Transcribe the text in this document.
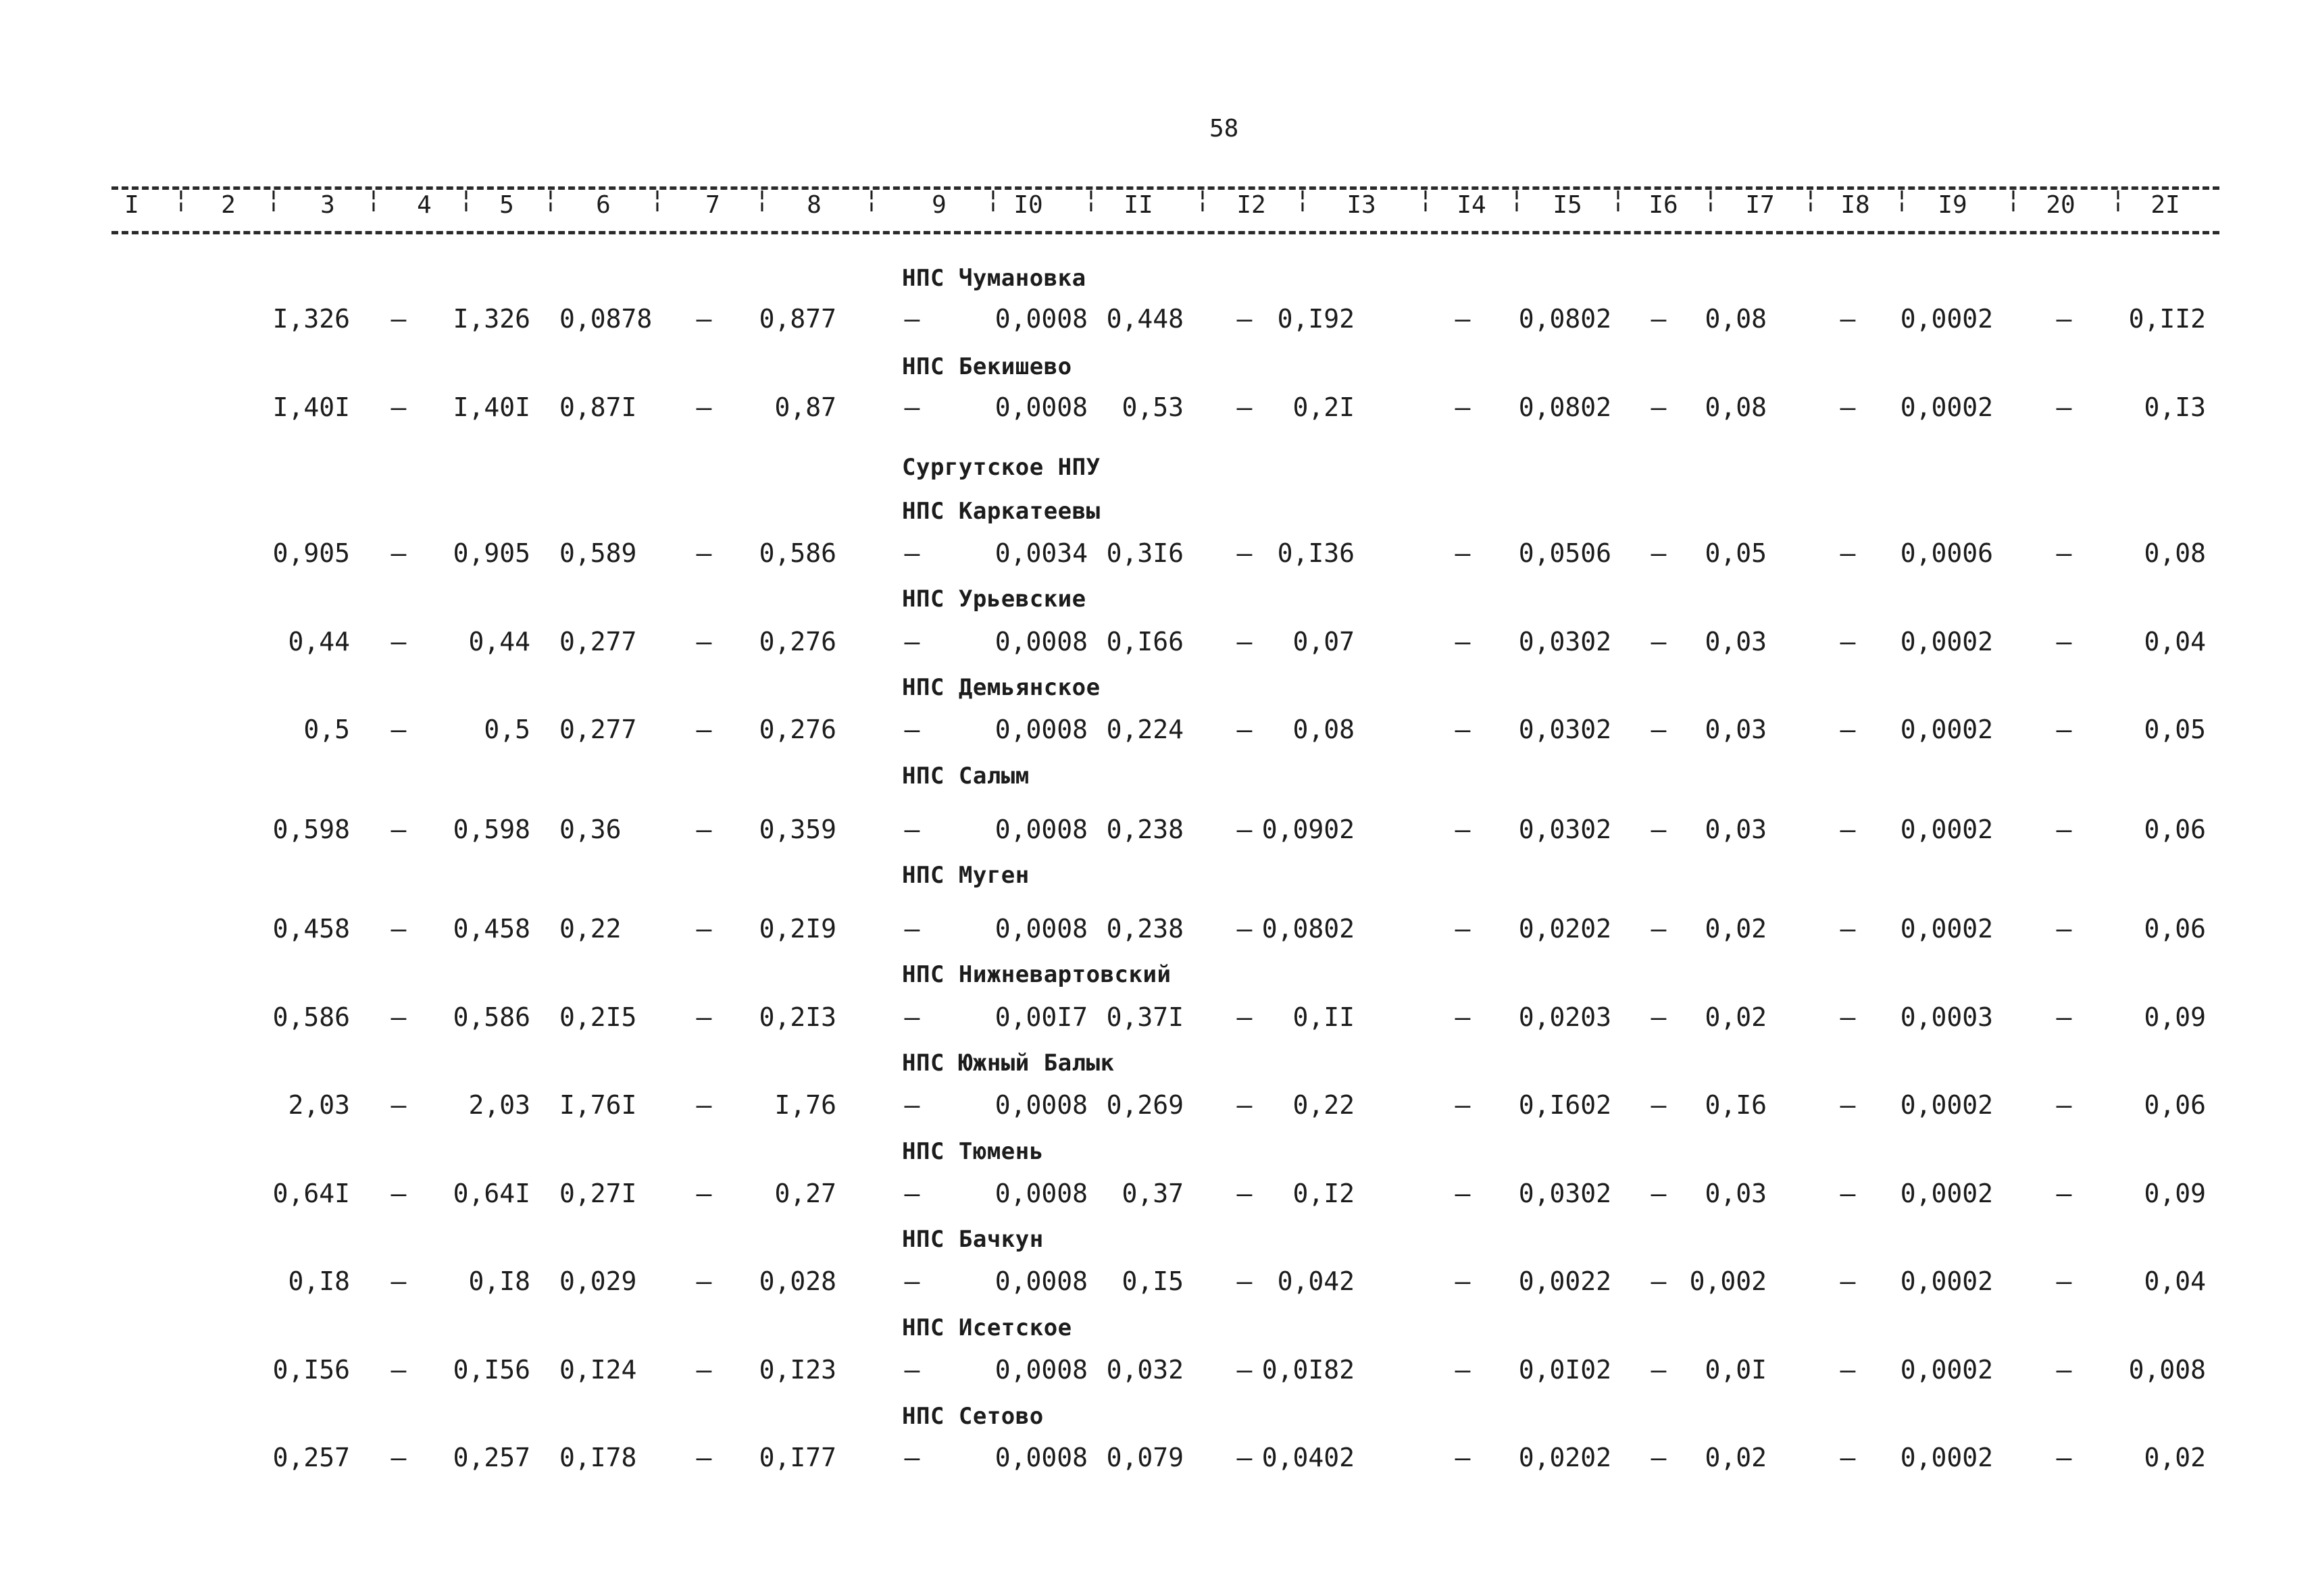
58
I	2	3	4	5	6	7	8	9	I0	II	I2	I3	I4	I5	I6	I7	I8	I9	20	2I
¦	¦	¦	¦	¦	¦	¦	¦	¦	¦	¦	¦	¦	¦	¦	¦	¦	¦	¦	¦
НПС Чумановка
I,326 – I,326 0,0878 – 0,877	–	0,0008 0,448 – 0,I92	– 0,0802 – 0,08	– 0,0002 – 0,II2
НПС Бекишево
I,40I – I,40I 0,87I – 0,87	–	0,0008 0,53 – 0,2I	– 0,0802 – 0,08	– 0,0002 –	0,I3
Сургутское НПУ
НПС Каркатеевы
0,905 – 0,905 0,589 – 0,586	–	0,0034 0,3I6 – 0,I36	– 0,0506 – 0,05	– 0,0006 –	0,08
НПС Урьевские
0,44 – 0,44 0,277 – 0,276	–	0,0008 0,I66 – 0,07	– 0,0302 – 0,03	– 0,0002 –	0,04
НПС Демьянское
0,5 –	0,5 0,277 – 0,276	–	0,0008 0,224 – 0,08	– 0,0302 – 0,03	– 0,0002 –	0,05
НПС Салым
0,598 – 0,598 0,36	– 0,359	–	0,0008 0,238 – 0,0902	– 0,0302 – 0,03	– 0,0002 –	0,06
НПС Муген
0,458 – 0,458 0,22	– 0,2I9	–	0,0008 0,238 – 0,0802	– 0,0202 – 0,02	– 0,0002 –	0,06
НПС Нижневартовский
0,586 – 0,586 0,2I5 – 0,2I3	–	0,00I7 0,37I – 0,II	– 0,0203 – 0,02	– 0,0003 –	0,09
НПС Южный Балык
2,03 – 2,03 I,76I – I,76	–	0,0008 0,269 – 0,22	– 0,I602 – 0,I6	– 0,0002 –	0,06
НПС Тюмень
0,64I – 0,64I 0,27I – 0,27	–	0,0008 0,37 – 0,I2	– 0,0302 – 0,03	– 0,0002 –	0,09
НПС Бачкун
0,I8 – 0,I8 0,029 – 0,028	–	0,0008 0,I5 – 0,042	– 0,0022 – 0,002	– 0,0002 –	0,04
НПС Исетское
0,I56 – 0,I56 0,I24 – 0,I23	–	0,0008 0,032 – 0,0I82	– 0,0I02 – 0,0I	– 0,0002 – 0,008
НПС Сетово
0,257 – 0,257 0,I78 – 0,I77	–	0,0008 0,079 – 0,0402	– 0,0202 – 0,02	– 0,0002 –	0,02
